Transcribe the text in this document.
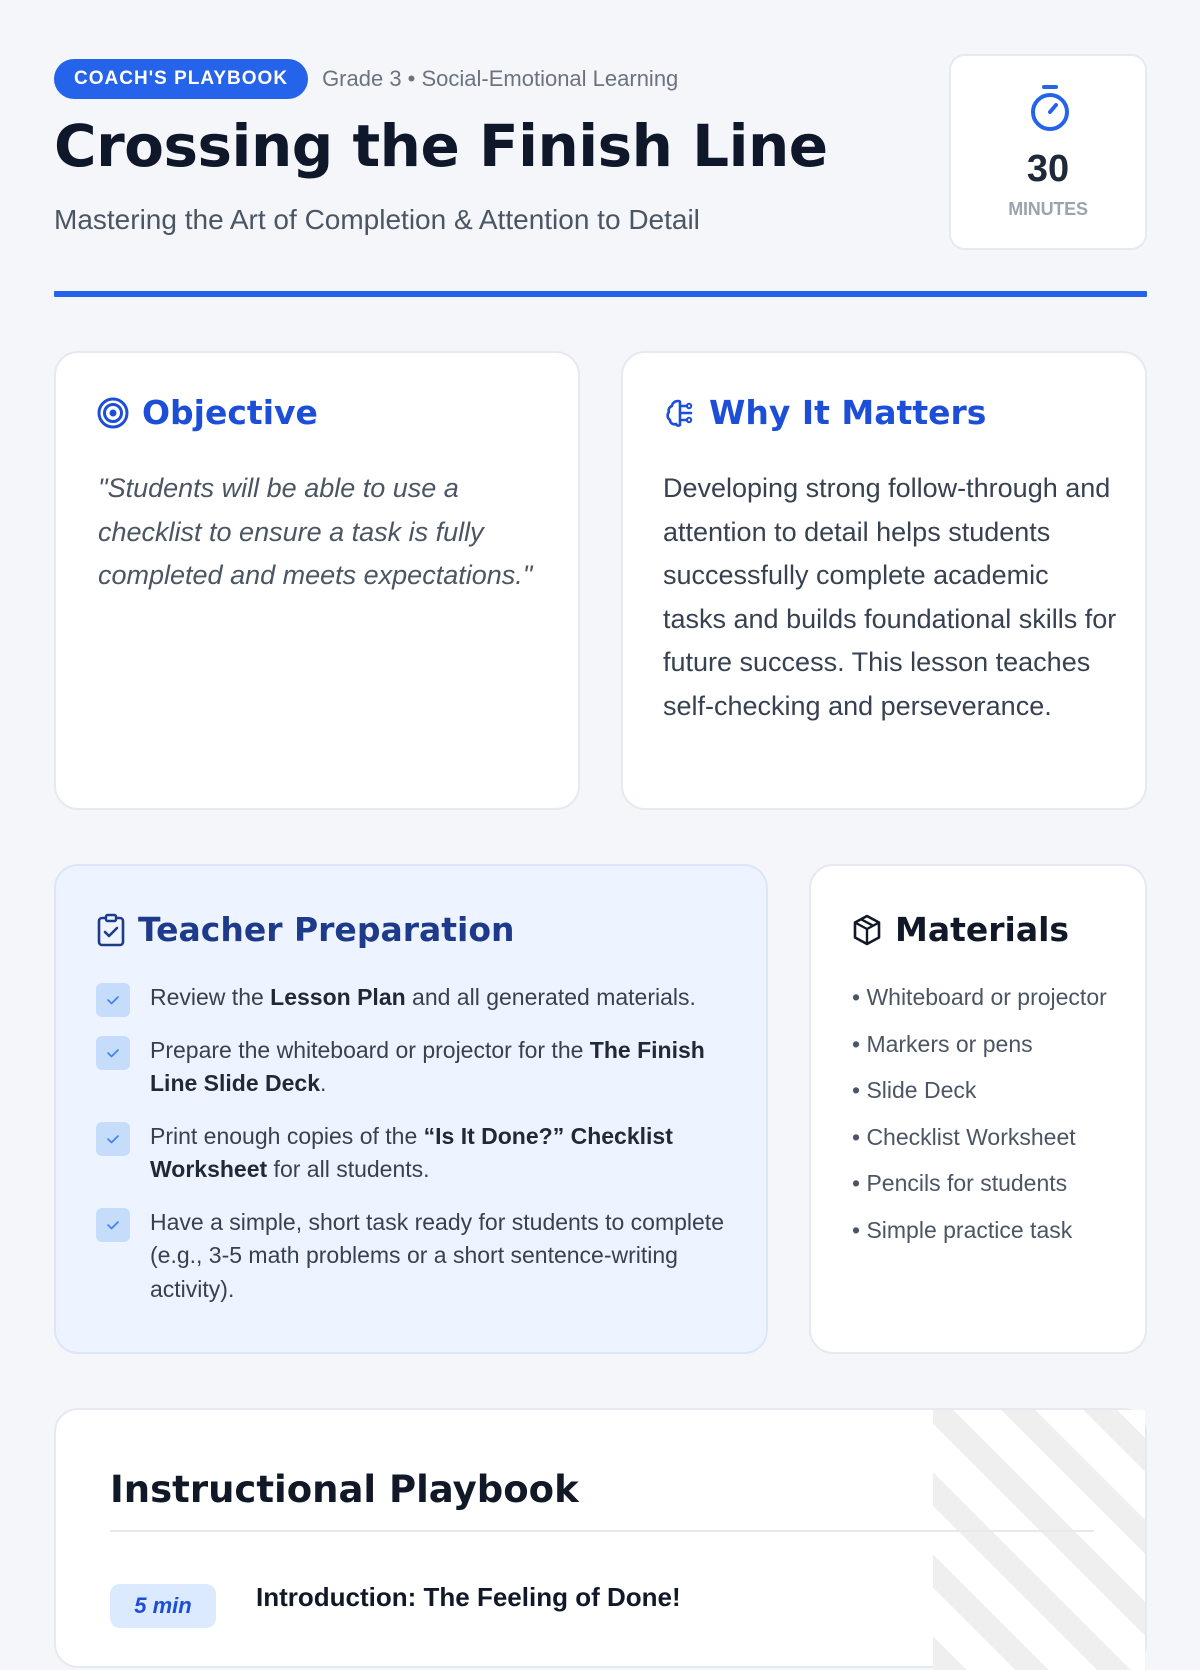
COACH'S PLAYBOOK	Grade 3 • Social-Emotional Learning
Crossing the Finish Line

Mastering the Art of Completion & Attention to Detail

30
MINUTES
Objective

"Students will be able to use a checklist to ensure a task is fully completed and meets expectations."

Why It Matters

Developing strong follow-through and attention to detail helps students successfully complete academic tasks and builds foundational skills for future success. This lesson teaches self-checking and perseverance.

Teacher Preparation
Review the Lesson Plan and all generated materials.
Prepare the whiteboard or projector for the The Finish Line Slide Deck.
Print enough copies of the “Is It Done?” Checklist Worksheet for all students.
Have a simple, short task ready for students to complete (e.g., 3-5 math problems or a short sentence-writing activity).
Materials
• Whiteboard or projector
• Markers or pens
• Slide Deck
• Checklist Worksheet
• Pencils for students
• Simple practice task
Instructional Playbook
5 min	Introduction: The Feeling of Done!
